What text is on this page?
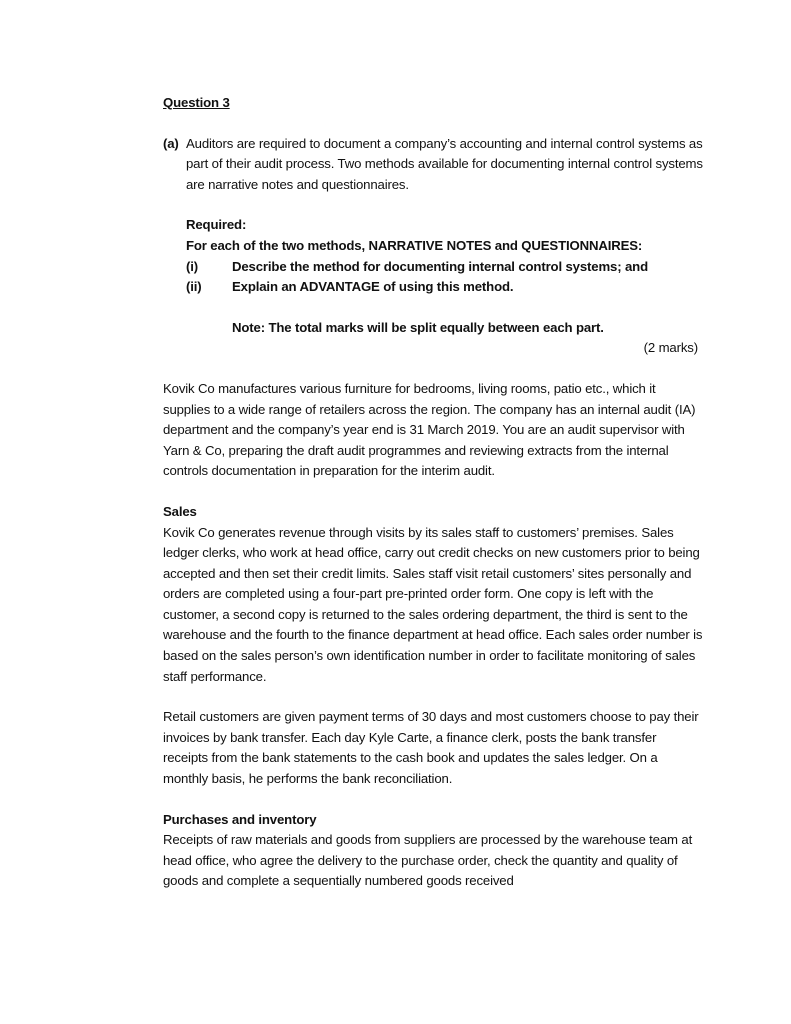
Question 3
(a) Auditors are required to document a company’s accounting and internal control systems as part of their audit process. Two methods available for documenting internal control systems are narrative notes and questionnaires.

Required:
For each of the two methods, NARRATIVE NOTES and QUESTIONNAIRES:
(i)	Describe the method for documenting internal control systems; and
(ii) Explain an ADVANTAGE of using this method.
Note: The total marks will be split equally between each part.
(2 marks)

Kovik Co manufactures various furniture for bedrooms, living rooms, patio etc., which it supplies to a wide range of retailers across the region. The company has an internal audit (IA) department and the company’s year end is 31 March 2019. You are an audit supervisor with Yarn & Co, preparing the draft audit programmes and reviewing extracts from the internal controls documentation in preparation for the interim audit.

Sales

Kovik Co generates revenue through visits by its sales staff to customers’ premises. Sales ledger clerks, who work at head office, carry out credit checks on new customers prior to being accepted and then set their credit limits. Sales staff visit retail customers’ sites personally and orders are completed using a four-part pre-printed order form. One copy is left with the customer, a second copy is returned to the sales ordering department, the third is sent to the warehouse and the fourth to the finance department at head office. Each sales order number is based on the sales person’s own identification number in order to facilitate monitoring of sales staff performance.

Retail customers are given payment terms of 30 days and most customers choose to pay their invoices by bank transfer. Each day Kyle Carte, a finance clerk, posts the bank transfer receipts from the bank statements to the cash book and updates the sales ledger. On a monthly basis, he performs the bank reconciliation.

Purchases and inventory

Receipts of raw materials and goods from suppliers are processed by the warehouse team at head office, who agree the delivery to the purchase order, check the quantity and quality of goods and complete a sequentially numbered goods received
